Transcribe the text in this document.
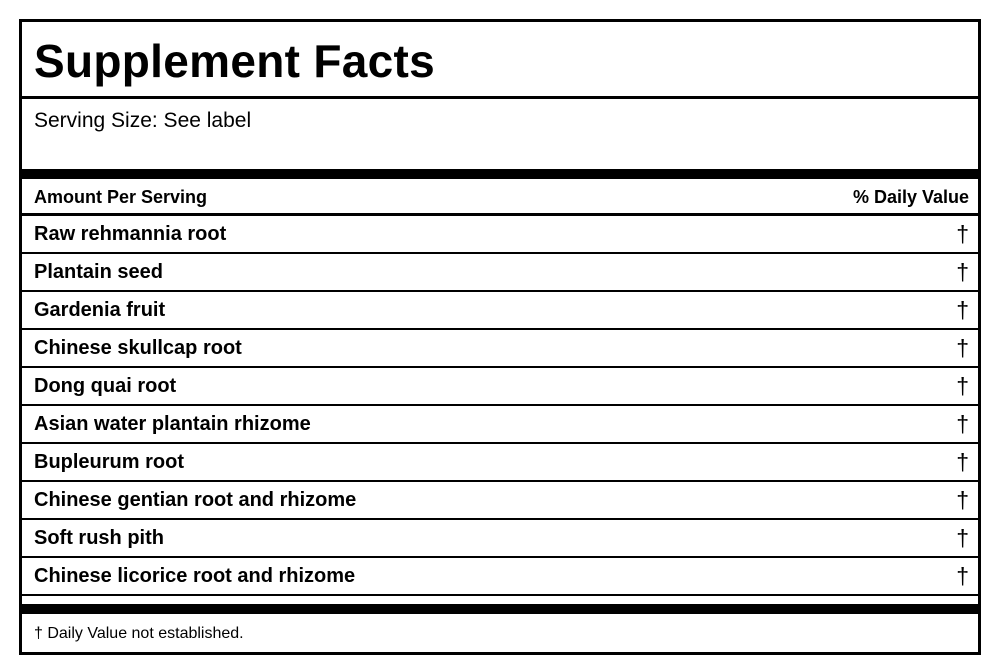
Supplement Facts
Serving Size: See label
Amount Per Serving	% Daily Value
Raw rehmannia root	†
Plantain seed	†
Gardenia fruit	†
Chinese skullcap root	†
Dong quai root	†
Asian water plantain rhizome	†
Bupleurum root	†
Chinese gentian root and rhizome	†
Soft rush pith	†
Chinese licorice root and rhizome	†
† Daily Value not established.
